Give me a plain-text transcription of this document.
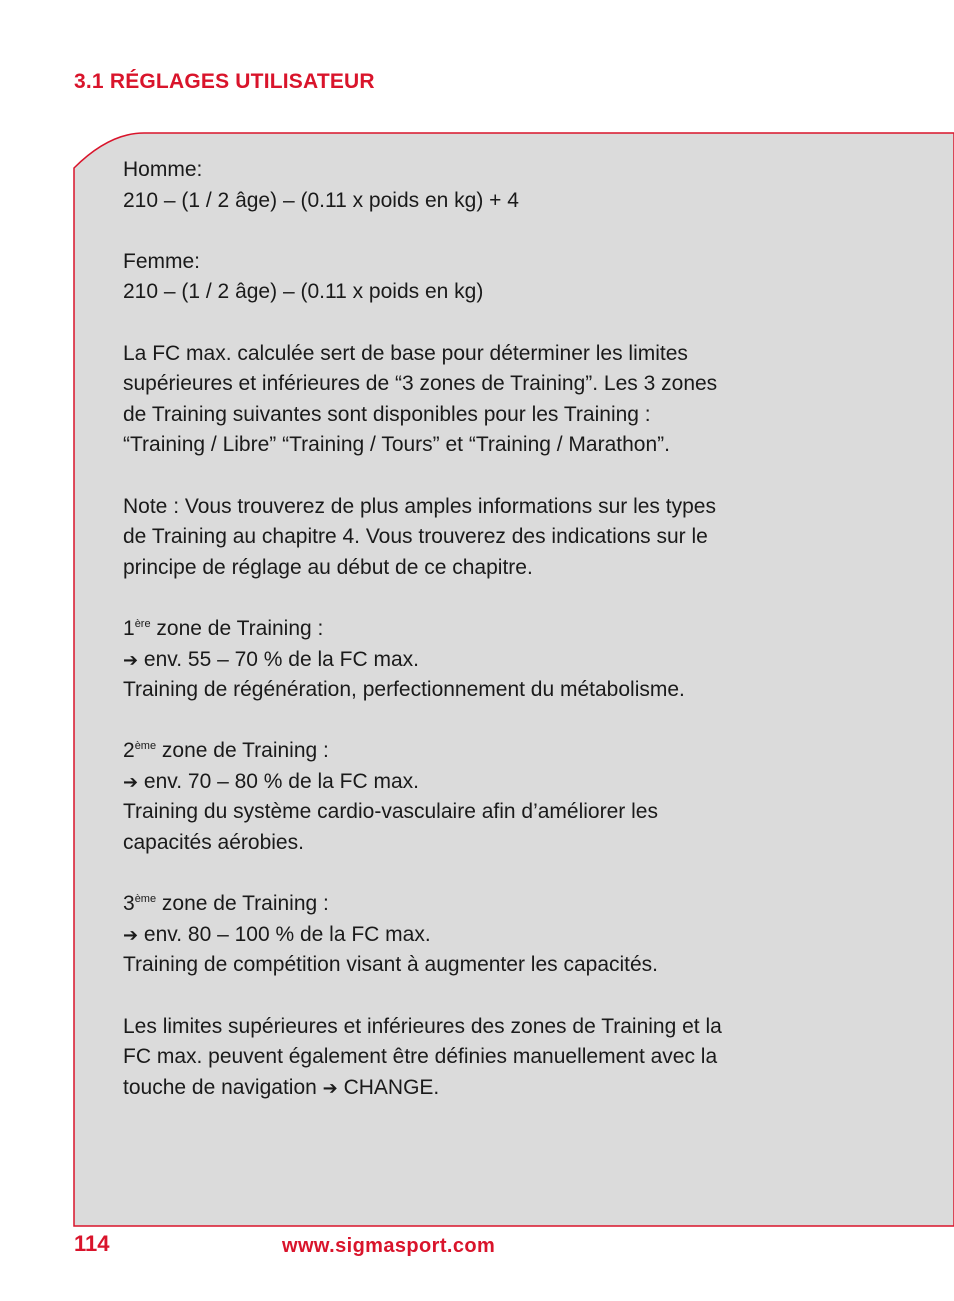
3.1 RÉGLAGES UTILISATEUR

Homme:
210 – (1 / 2 âge) – (0.11 x poids en kg) + 4

Femme:
210 – (1 / 2 âge) – (0.11 x poids en kg)

La FC max. calculée sert de base pour déterminer les limites
supérieures et inférieures de “3 zones de Training”. Les 3 zones
de Training suivantes sont disponibles pour les Training :
“Training / Libre” “Training / Tours” et “Training / Marathon”.

Note : Vous trouverez de plus amples informations sur les types
de Training au chapitre 4. Vous trouverez des indications sur le
principe de réglage au début de ce chapitre.

1ère zone de Training :
➔ env. 55 – 70 % de la FC max.
Training de régénération, perfectionnement du métabolisme.

2ème zone de Training :
➔ env. 70 – 80 % de la FC max.
Training du système cardio-vasculaire afin d’améliorer les
capacités aérobies.

3ème zone de Training :
➔ env. 80 – 100 % de la FC max.
Training de compétition visant à augmenter les capacités.

Les limites supérieures et inférieures des zones de Training et la
FC max. peuvent également être définies manuellement avec la
touche de navigation ➔ CHANGE.

114	www.sigmasport.com
